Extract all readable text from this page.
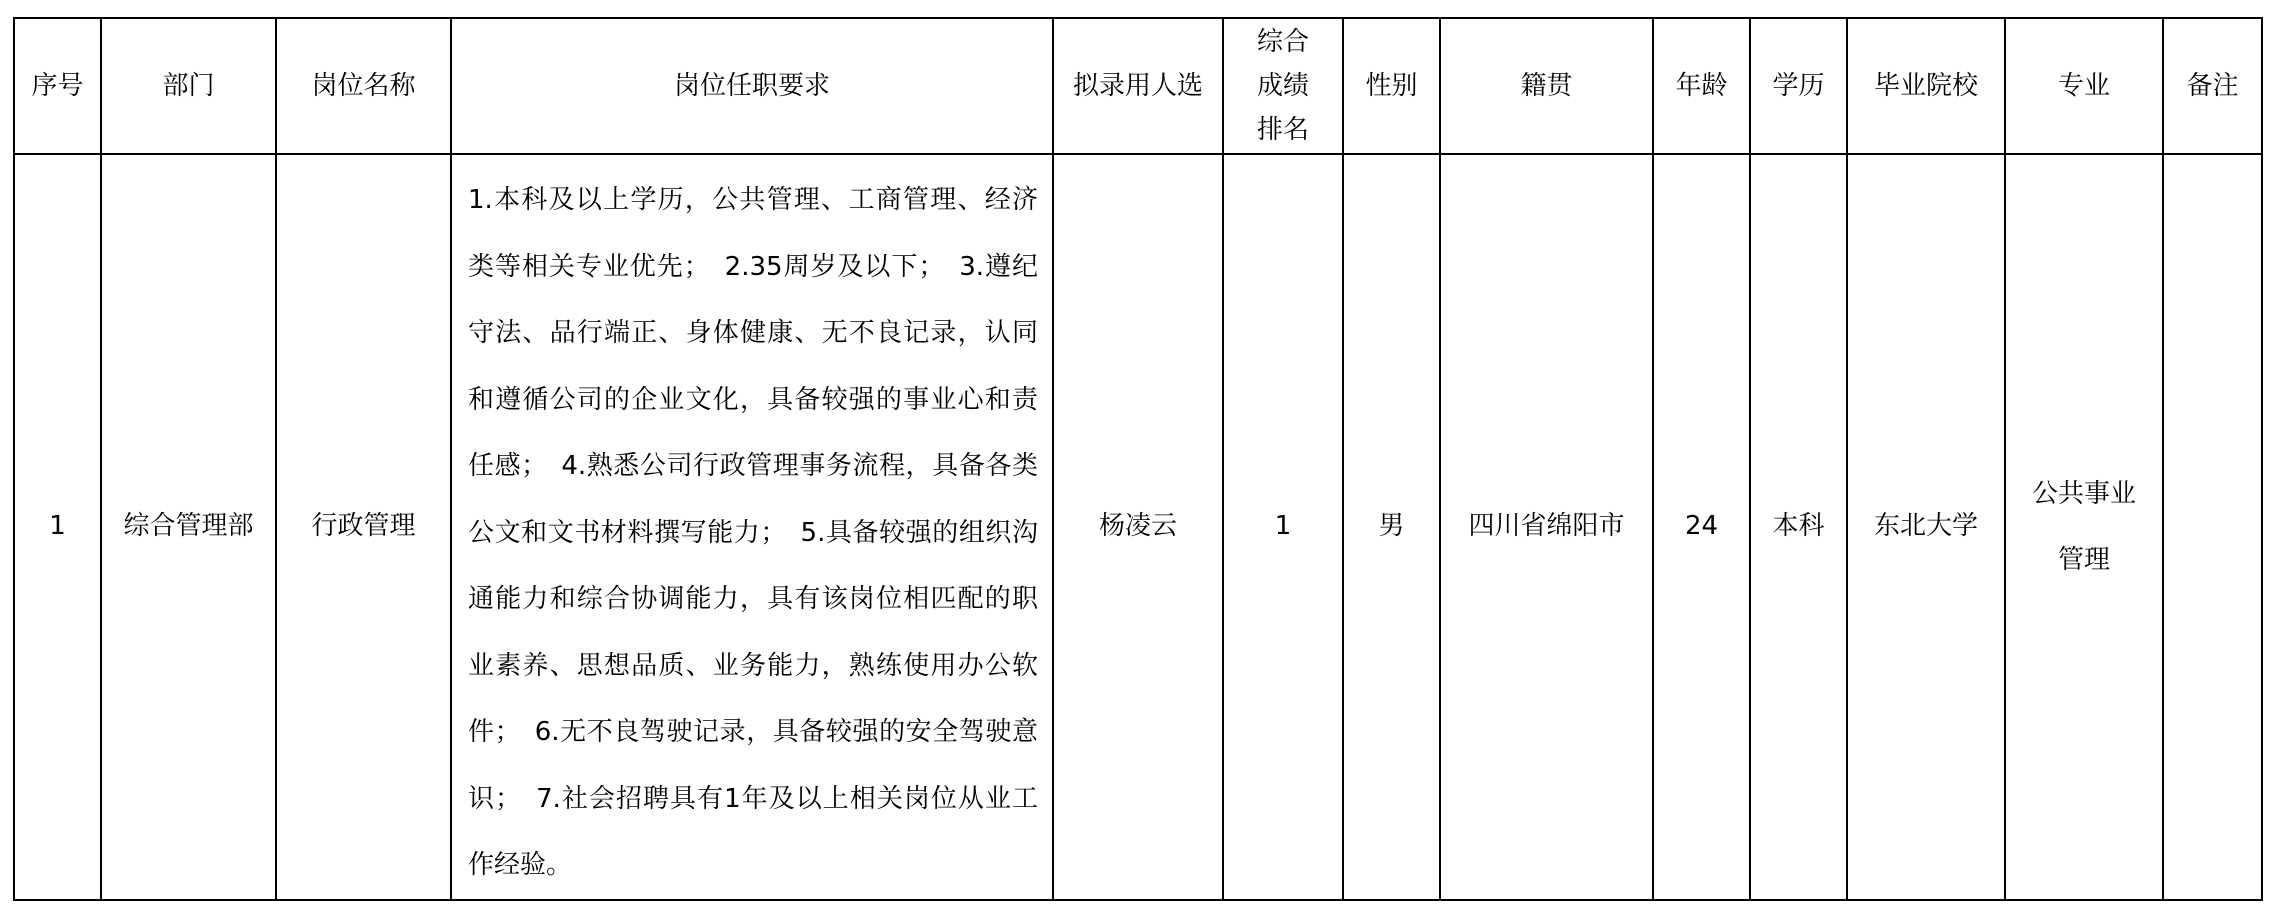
序号	部门	岗位名称	岗位任职要求	拟录用人选	综合成绩排名	性别	籍贯	年龄	学历	毕业院校	专业	备注

1	综合管理部	行政管理	1.本科及以上学历，公共管理、工商管理、经济类等相关专业优先；　2.35周岁及以下；　3.遵纪守法、品行端正、身体健康、无不良记录，认同和遵循公司的企业文化，具备较强的事业心和责任感；　4.熟悉公司行政管理事务流程，具备各类公文和文书材料撰写能力；　5.具备较强的组织沟通能力和综合协调能力，具有该岗位相匹配的职业素养、思想品质、业务能力，熟练使用办公软件；　6.无不良驾驶记录，具备较强的安全驾驶意识；　7.社会招聘具有1年及以上相关岗位从业工作经验。	杨凌云	1	男	四川省绵阳市	24	本科	东北大学	公共事业管理	
